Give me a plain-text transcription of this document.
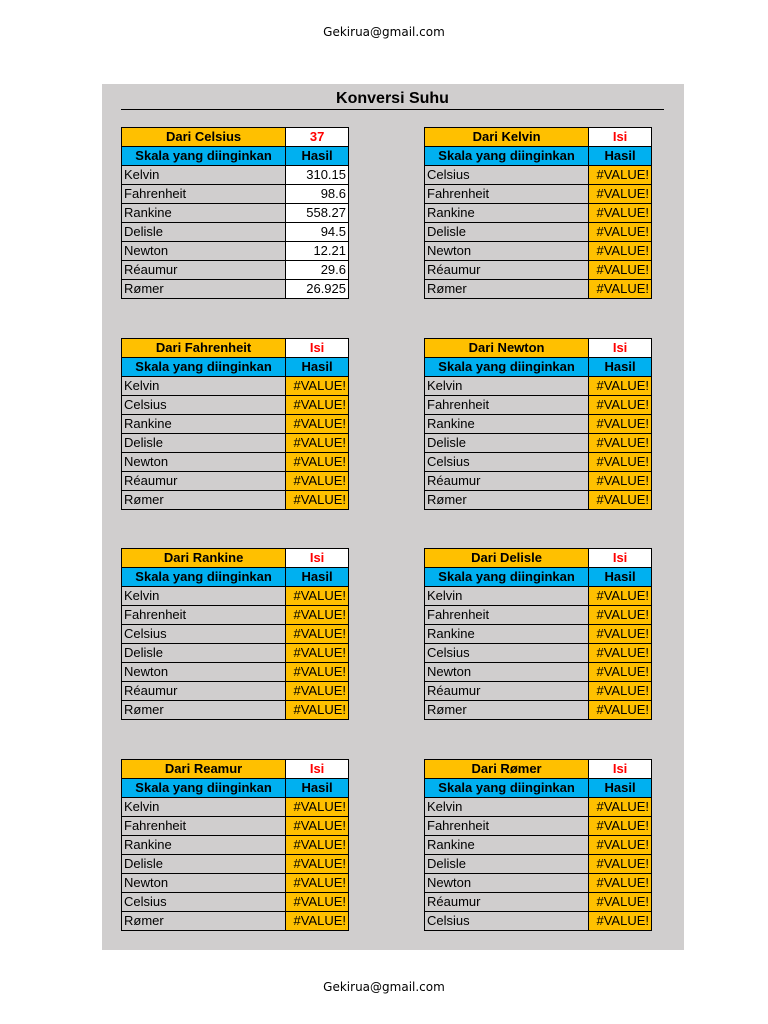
Gekirua@gmail.com
Konversi Suhu
Dari Celsius	37
Skala yang diinginkan	Hasil
Kelvin	310.15
Fahrenheit	98.6
Rankine	558.27
Delisle	94.5
Newton	12.21
Réaumur	29.6
Rømer	26.925
Dari Kelvin	Isi
Skala yang diinginkan	Hasil
Celsius	#VALUE!
Fahrenheit	#VALUE!
Rankine	#VALUE!
Delisle	#VALUE!
Newton	#VALUE!
Réaumur	#VALUE!
Rømer	#VALUE!
Dari Fahrenheit	Isi
Skala yang diinginkan	Hasil
Kelvin	#VALUE!
Celsius	#VALUE!
Rankine	#VALUE!
Delisle	#VALUE!
Newton	#VALUE!
Réaumur	#VALUE!
Rømer	#VALUE!
Dari Newton	Isi
Skala yang diinginkan	Hasil
Kelvin	#VALUE!
Fahrenheit	#VALUE!
Rankine	#VALUE!
Delisle	#VALUE!
Celsius	#VALUE!
Réaumur	#VALUE!
Rømer	#VALUE!
Dari Rankine	Isi
Skala yang diinginkan	Hasil
Kelvin	#VALUE!
Fahrenheit	#VALUE!
Celsius	#VALUE!
Delisle	#VALUE!
Newton	#VALUE!
Réaumur	#VALUE!
Rømer	#VALUE!
Dari Delisle	Isi
Skala yang diinginkan	Hasil
Kelvin	#VALUE!
Fahrenheit	#VALUE!
Rankine	#VALUE!
Celsius	#VALUE!
Newton	#VALUE!
Réaumur	#VALUE!
Rømer	#VALUE!
Dari Reamur	Isi
Skala yang diinginkan	Hasil
Kelvin	#VALUE!
Fahrenheit	#VALUE!
Rankine	#VALUE!
Delisle	#VALUE!
Newton	#VALUE!
Celsius	#VALUE!
Rømer	#VALUE!
Dari Rømer	Isi
Skala yang diinginkan	Hasil
Kelvin	#VALUE!
Fahrenheit	#VALUE!
Rankine	#VALUE!
Delisle	#VALUE!
Newton	#VALUE!
Réaumur	#VALUE!
Celsius	#VALUE!
Gekirua@gmail.com
